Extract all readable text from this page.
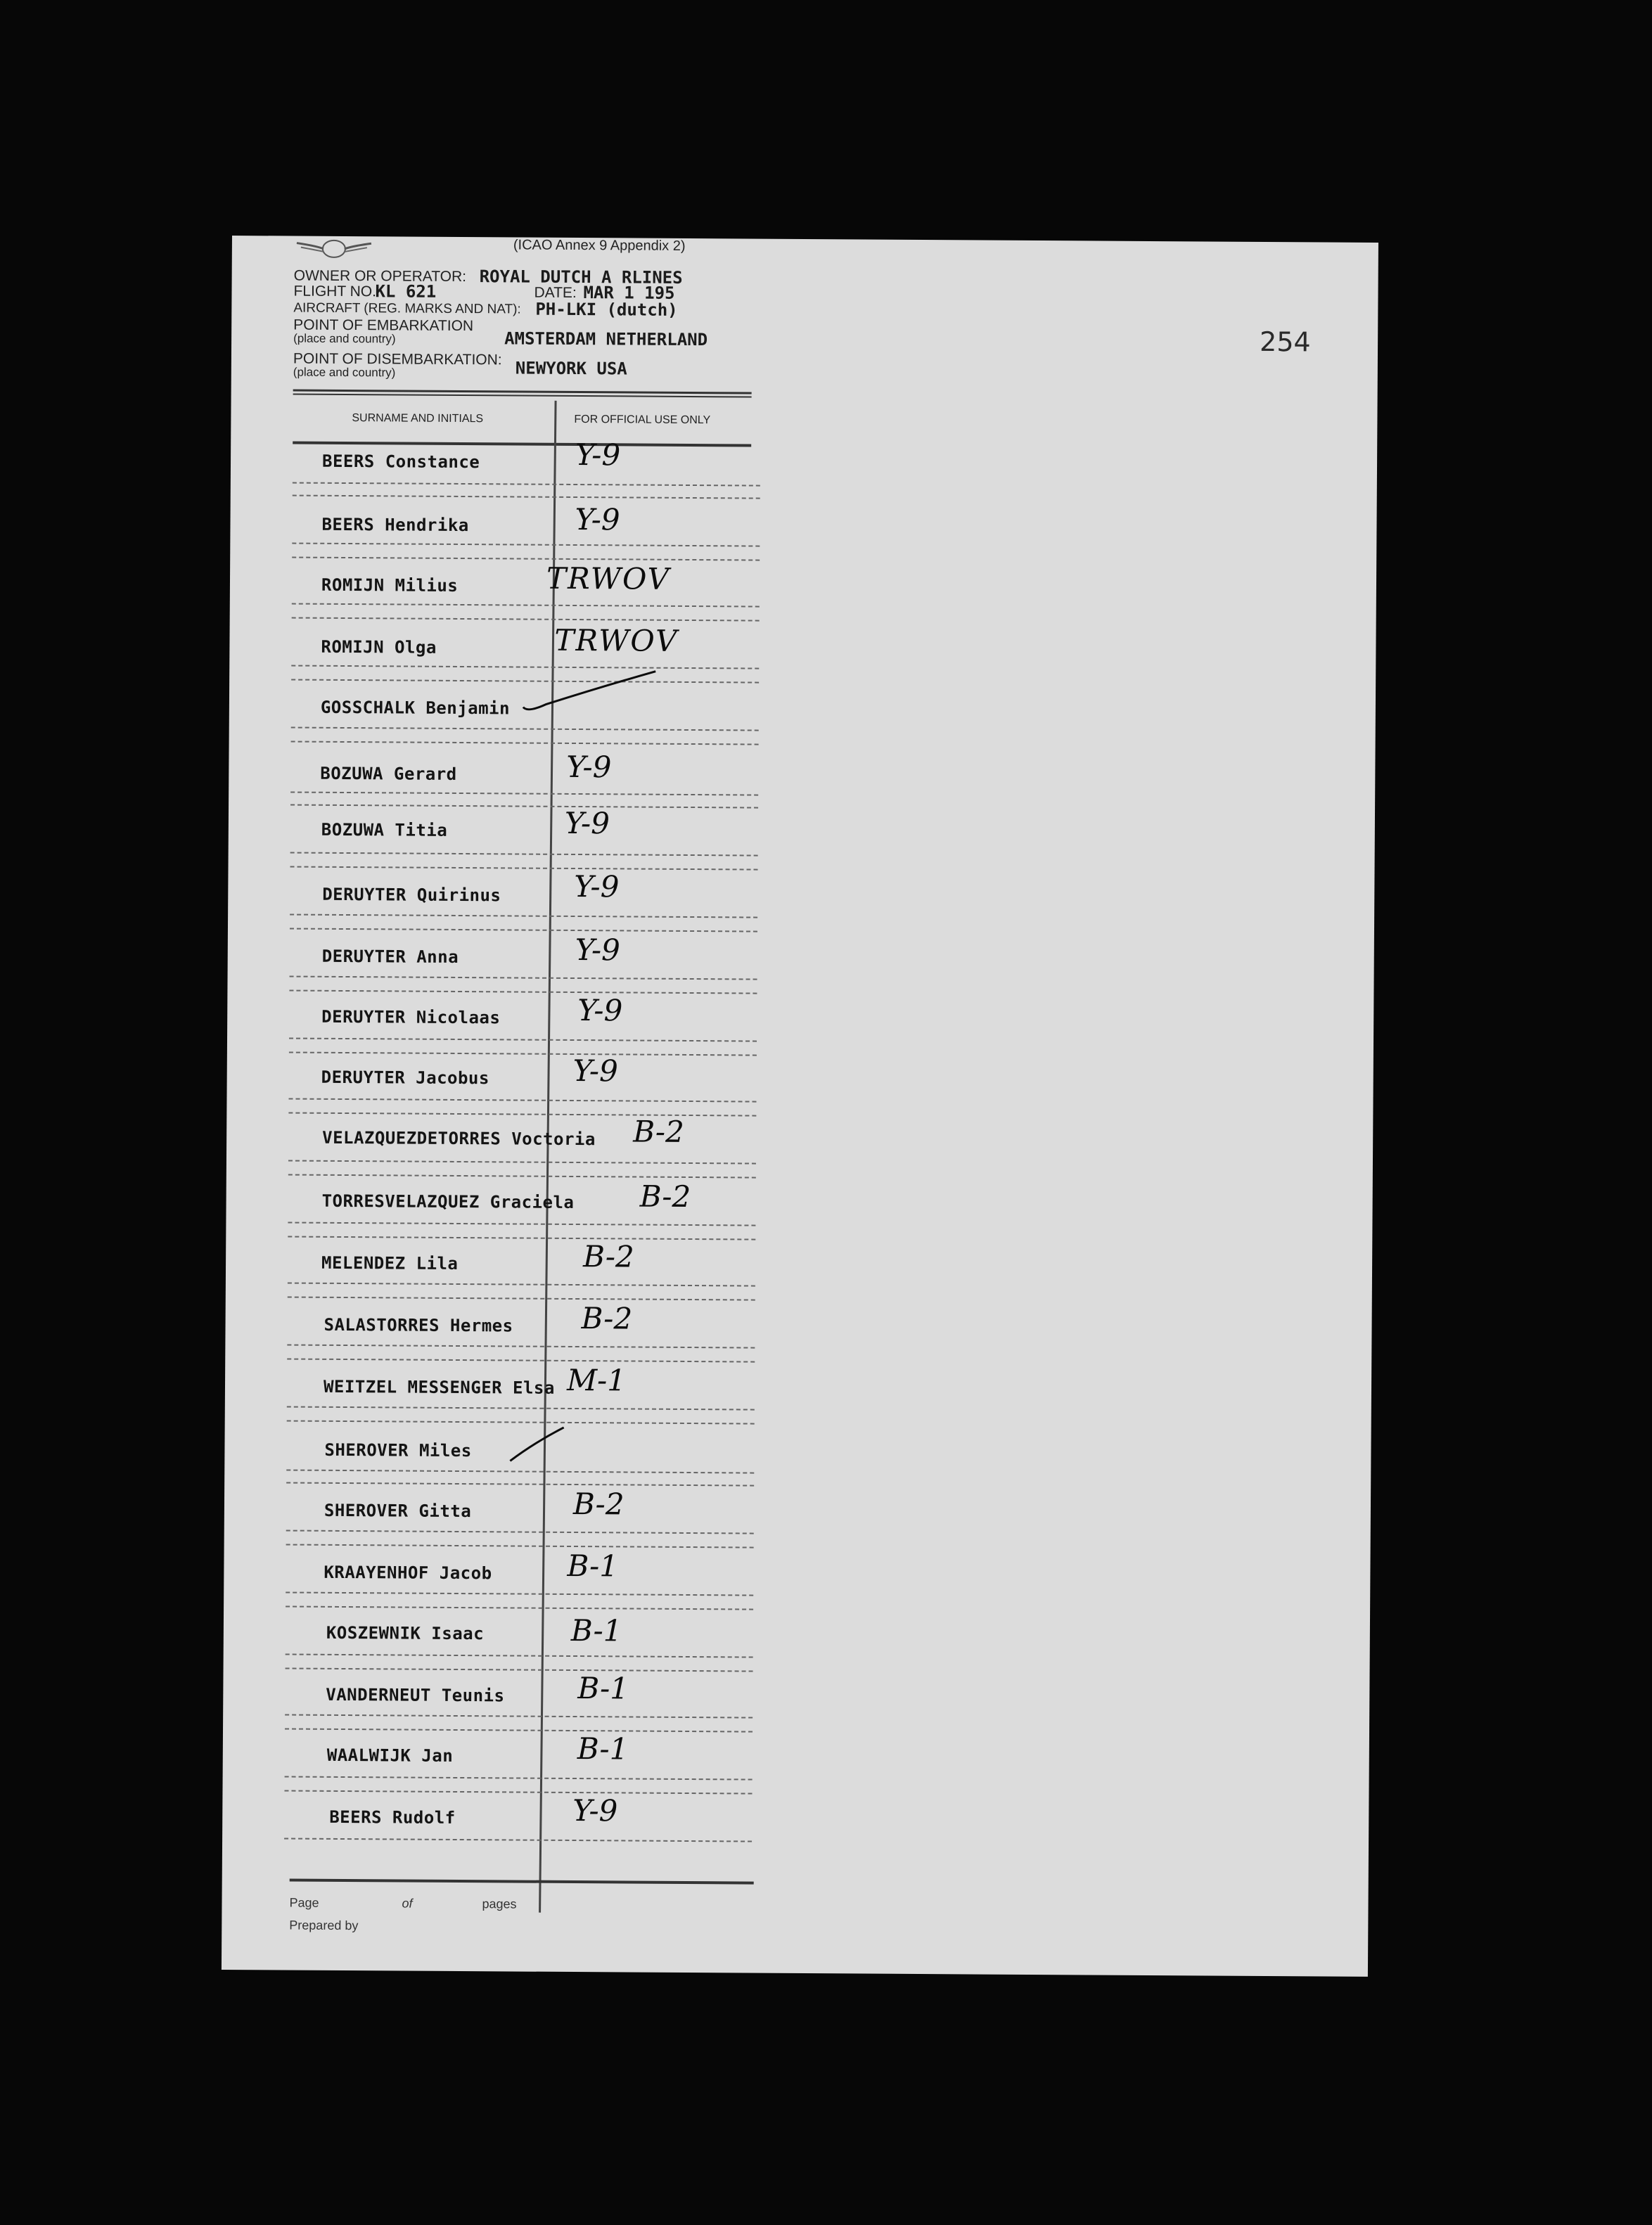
(ICAO Annex 9 Appendix 2)
OWNER OR OPERATOR: ROYAL DUTCH A RLINES
FLIGHT NO.
KL 621	DATE: MAR 1 195
AIRCRAFT (REG. MARKS AND NAT): PH-LKI (dutch)
POINT OF EMBARKATION
(place and country)	AMSTERDAM NETHERLAND
POINT OF DISEMBARKATION:
(place and country)	NEWYORK USA
SURNAME AND INITIALS	FOR OFFICIAL USE ONLY
254
BEERS Constance	Y-9
BEERS Hendrika	Y-9
ROMIJN Milius	TRWOV
ROMIJN Olga	TRWOV
GOSSCHALK Benjamin
BOZUWA Gerard	Y-9
BOZUWA Titia	Y-9
DERUYTER Quirinus Y-9
DERUYTER Anna	Y-9
DERUYTER Nicolaas	Y-9
DERUYTER Jacobus	Y-9
VELAZQUEZDETORRES Voctoria B-2
TORRESVELAZQUEZ Graciela B-2
MELENDEZ Lila	B-2
SALASTORRES Hermes B-2
WEITZEL MESSENGER Elsa M-1
SHEROVER Miles
SHEROVER Gitta	B-2
KRAAYENHOF Jacob	B-1
KOSZEWNIK Isaac	B-1
VANDERNEUT Teunis B-1
WAALWIJK Jan	B-1
BEERS Rudolf	Y-9
Page	of	pages
Prepared by
